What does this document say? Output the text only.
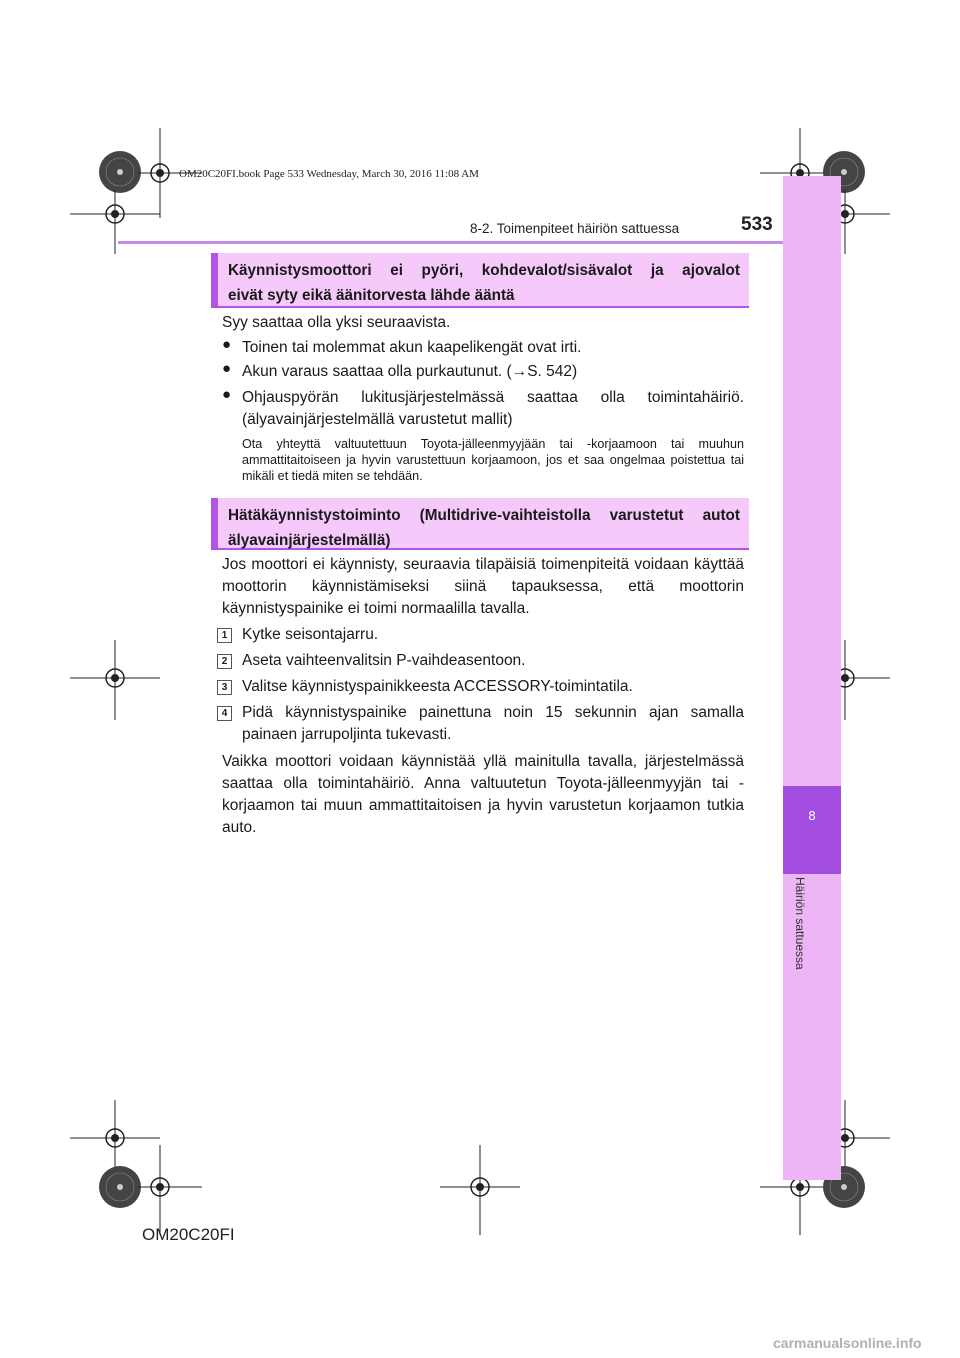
OM20C20FI.book Page 533 Wednesday, March 30, 2016 11:08 AM
8
Häiriön sattuessa
8-2. Toimenpiteet häiriön sattuessa	533

Käynnistysmoottori ei pyöri, kohdevalot/sisävalot ja ajovalot

eivät syty eikä äänitorvesta lähde ääntä

Syy saattaa olla yksi seuraavista.
● Toinen tai molemmat akun kaapelikengät ovat irti.
● Akun varaus saattaa olla purkautunut. (→S. 542)
● Ohjauspyörän lukitusjärjestelmässä saattaa olla toimintahäiriö.
(älyavainjärjestelmällä varustetut mallit)
Ota yhteyttä valtuutettuun Toyota-jälleenmyyjään tai -korjaamoon tai muuhun ammattitaitoiseen ja hyvin varustettuun korjaamoon, jos et saa ongelmaa poistettua tai mikäli et tiedä miten se tehdään.

Hätäkäynnistystoiminto (Multidrive-vaihteistolla varustetut autot

älyavainjärjestelmällä)

Jos moottori ei käynnisty, seuraavia tilapäisiä toimenpiteitä voidaan käyttää moottorin käynnistämiseksi siinä tapauksessa, että moottorin käynnistyspainike ei toimi normaalilla tavalla.
1 Kytke seisontajarru.
2 Aseta vaihteenvalitsin P-vaihdeasentoon.
3 Valitse käynnistyspainikkeesta ACCESSORY-toimintatila.
4 Pidä käynnistyspainike painettuna noin 15 sekunnin ajan samalla painaen jarrupoljinta tukevasti.
Vaikka moottori voidaan käynnistää yllä mainitulla tavalla, järjestelmässä saattaa olla toimintahäiriö. Anna valtuutetun Toyota-jälleenmyyjän tai -korjaamon tai muun ammattitaitoisen ja hyvin varustetun korjaamon tutkia auto.
OM20C20FI
carmanualsonline.info
